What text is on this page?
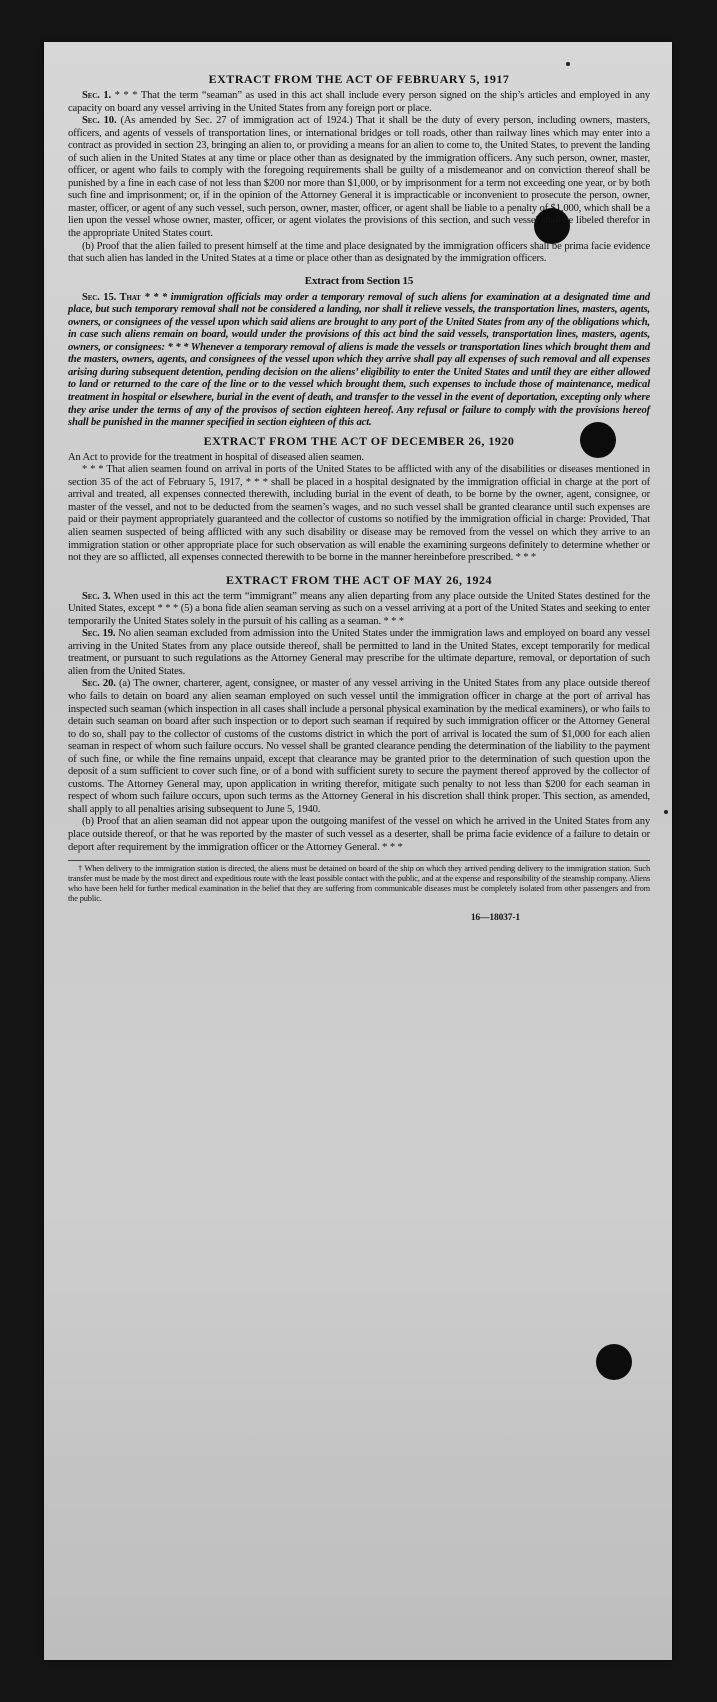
EXTRACT FROM THE ACT OF FEBRUARY 5, 1917

Sec. 1. * * * That the term “seaman” as used in this act shall include every person signed on the ship’s articles and employed in any capacity on board any vessel arriving in the United States from any foreign port or place.

Sec. 10. (As amended by Sec. 27 of immigration act of 1924.) That it shall be the duty of every person, including owners, masters, officers, and agents of vessels of transportation lines, or international bridges or toll roads, other than railway lines which may enter into a contract as provided in section 23, bringing an alien to, or providing a means for an alien to come to, the United States, to prevent the landing of such alien in the United States at any time or place other than as designated by the immigration officers. Any such person, owner, master, officer, or agent who fails to comply with the foregoing requirements shall be guilty of a misdemeanor and on conviction thereof shall be punished by a fine in each case of not less than $200 nor more than $1,000, or by imprisonment for a term not exceeding one year, or by both such fine and imprisonment; or, if in the opinion of the Attorney General it is impracticable or inconvenient to prosecute the person, owner, master, officer, or agent of any such vessel, such person, owner, master, officer, or agent shall be liable to a penalty of $1,000, which shall be a lien upon the vessel whose owner, master, officer, or agent violates the provisions of this section, and such vessel shall be libeled therefor in the appropriate United States court.

(b) Proof that the alien failed to present himself at the time and place designated by the immigration officers shall be prima facie evidence that such alien has landed in the United States at a time or place other than as designated by the immigration officers.

Extract from Section 15

Sec. 15. That * * * immigration officials may order a temporary removal of such aliens for examination at a designated time and place, but such temporary removal shall not be considered a landing, nor shall it relieve vessels, the transportation lines, masters, agents, owners, or consignees of the vessel upon which said aliens are brought to any port of the United States from any of the obligations which, in case such aliens remain on board, would under the provisions of this act bind the said vessels, transportation lines, masters, agents, owners, or consignees: * * * Whenever a temporary removal of aliens is made the vessels or transportation lines which brought them and the masters, owners, agents, and consignees of the vessel upon which they arrive shall pay all expenses of such removal and all expenses arising during subsequent detention, pending decision on the aliens’ eligibility to enter the United States and until they are either allowed to land or returned to the care of the line or to the vessel which brought them, such expenses to include those of maintenance, medical treatment in hospital or elsewhere, burial in the event of death, and transfer to the vessel in the event of deportation, excepting only where they arise under the terms of any of the provisos of section eighteen hereof. Any refusal or failure to comply with the provisions hereof shall be punished in the manner specified in section eighteen of this act.

EXTRACT FROM THE ACT OF DECEMBER 26, 1920

An Act to provide for the treatment in hospital of diseased alien seamen.

* * * That alien seamen found on arrival in ports of the United States to be afflicted with any of the disabilities or diseases mentioned in section 35 of the act of February 5, 1917, * * * shall be placed in a hospital designated by the immigration official in charge at the port of arrival and treated, all expenses connected therewith, including burial in the event of death, to be borne by the owner, agent, consignee, or master of the vessel, and not to be deducted from the seamen’s wages, and no such vessel shall be granted clearance until such expenses are paid or their payment appropriately guaranteed and the collector of customs so notified by the immigration official in charge: Provided, That alien seamen suspected of being afflicted with any such disability or disease may be removed from the vessel on which they arrive to an immigration station or other appropriate place for such observation as will enable the examining surgeons definitely to determine whether or not they are so afflicted, all expenses connected therewith to be borne in the manner hereinbefore prescribed. * * *

EXTRACT FROM THE ACT OF MAY 26, 1924

Sec. 3. When used in this act the term “immigrant” means any alien departing from any place outside the United States destined for the United States, except * * * (5) a bona fide alien seaman serving as such on a vessel arriving at a port of the United States and seeking to enter temporarily the United States solely in the pursuit of his calling as a seaman. * * *

Sec. 19. No alien seaman excluded from admission into the United States under the immigration laws and employed on board any vessel arriving in the United States from any place outside thereof, shall be permitted to land in the United States, except temporarily for medical treatment, or pursuant to such regulations as the Attorney General may prescribe for the ultimate departure, removal, or deportation of such alien from the United States.

Sec. 20. (a) The owner, charterer, agent, consignee, or master of any vessel arriving in the United States from any place outside thereof who fails to detain on board any alien seaman employed on such vessel until the immigration officer in charge at the port of arrival has inspected such seaman (which inspection in all cases shall include a personal physical examination by the medical examiners), or who fails to detain such seaman on board after such inspection or to deport such seaman if required by such immigration officer or the Attorney General to do so, shall pay to the collector of customs of the customs district in which the port of arrival is located the sum of $1,000 for each alien seaman in respect of whom such failure occurs. No vessel shall be granted clearance pending the determination of the liability to the payment of such fine, or while the fine remains unpaid, except that clearance may be granted prior to the determination of such question upon the deposit of a sum sufficient to cover such fine, or of a bond with sufficient surety to secure the payment thereof approved by the collector of customs. The Attorney General may, upon application in writing therefor, mitigate such penalty to not less than $200 for each seaman in respect of whom such failure occurs, upon such terms as the Attorney General in his discretion shall think proper. This section, as amended, shall apply to all penalties arising subsequent to June 5, 1940.

(b) Proof that an alien seaman did not appear upon the outgoing manifest of the vessel on which he arrived in the United States from any place outside thereof, or that he was reported by the master of such vessel as a deserter, shall be prima facie evidence of a failure to detain or deport after requirement by the immigration officer or the Attorney General. * * *

† When delivery to the immigration station is directed, the aliens must be detained on board of the ship on which they arrived pending delivery to the immigration station. Such transfer must be made by the most direct and expeditious route with the least possible contact with the public, and at the expense and responsibility of the steamship company. Aliens who have been held for further medical examination in the belief that they are suffering from communicable diseases must be completely isolated from other passengers and from the public.
16—18037-1
